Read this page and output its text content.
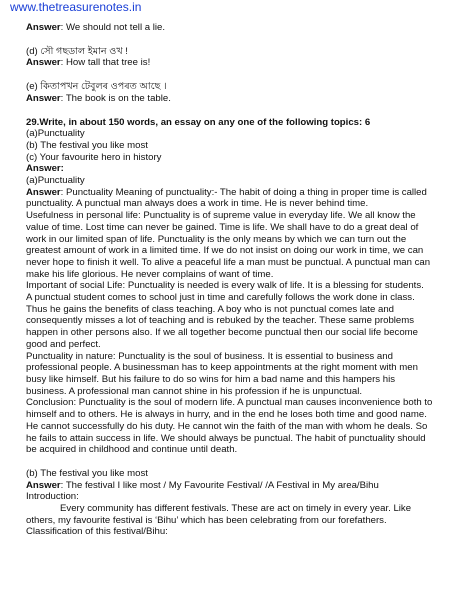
www.thetreasurenotes.in

Answer: We should not tell a lie.

(d) সৌ গছডাল ইমান ওখ !

Answer: How tall that tree is!

(e) কিতাপখন টেবুলৰ ওপৰত আছে ।

Answer: The book is on the table.

29.Write, in about 150 words, an essay on any one of the following topics: 6

(a)Punctuality

(b) The festival you like most

(c) Your favourite hero in history

Answer:

(a)Punctuality

Answer: Punctuality Meaning of punctuality:- The habit of doing a thing in proper time is called

punctuality. A punctual man always does a work in time. He is never behind time.

Usefulness in personal life: Punctuality is of supreme value in everyday life. We all know the

value of time. Lost time can never be gained. Time is life. We shall have to do a great deal of

work in our limited span of life. Punctuality is the only means by which we can turn out the

greatest amount of work in a limited time. If we do not insist on doing our work in time, we can

never hope to finish it well. To alive a peaceful life a man must be punctual. A punctual man can

make his life glorious. He never complains of want of time.

Important of social Life: Punctuality is needed is every walk of life. It is a blessing for students.

A punctual student comes to school just in time and carefully follows the work done in class.

Thus he gains the benefits of class teaching. A boy who is not punctual comes late and

consequently misses a lot of teaching and is rebuked by the teacher. These same problems

happen in other persons also. If we all together become punctual then our social life become

good and perfect.

Punctuality in nature: Punctuality is the soul of business. It is essential to business and

professional people. A businessman has to keep appointments at the right moment with men

busy like himself. But his failure to do so wins for him a bad name and this hampers his

business. A professional man cannot shine in his profession if he is unpunctual.

Conclusion: Punctuality is the soul of modern life. A punctual man causes inconvenience both to

himself and to others. He is always in hurry, and in the end he loses both time and good name.

He cannot successfully do his duty. He cannot win the faith of the man with whom he deals. So

he fails to attain success in life. We should always be punctual. The habit of punctuality should

be acquired in childhood and continue until death.

(b) The festival you like most

Answer: The festival I like most / My Favourite Festival/ /A Festival in My area/Bihu

Introduction:

Every community has different festivals. These are act on timely in every year. Like

others, my favourite festival is ‘Bihu’ which has been celebrating from our forefathers.

Classification of this festival/Bihu:
